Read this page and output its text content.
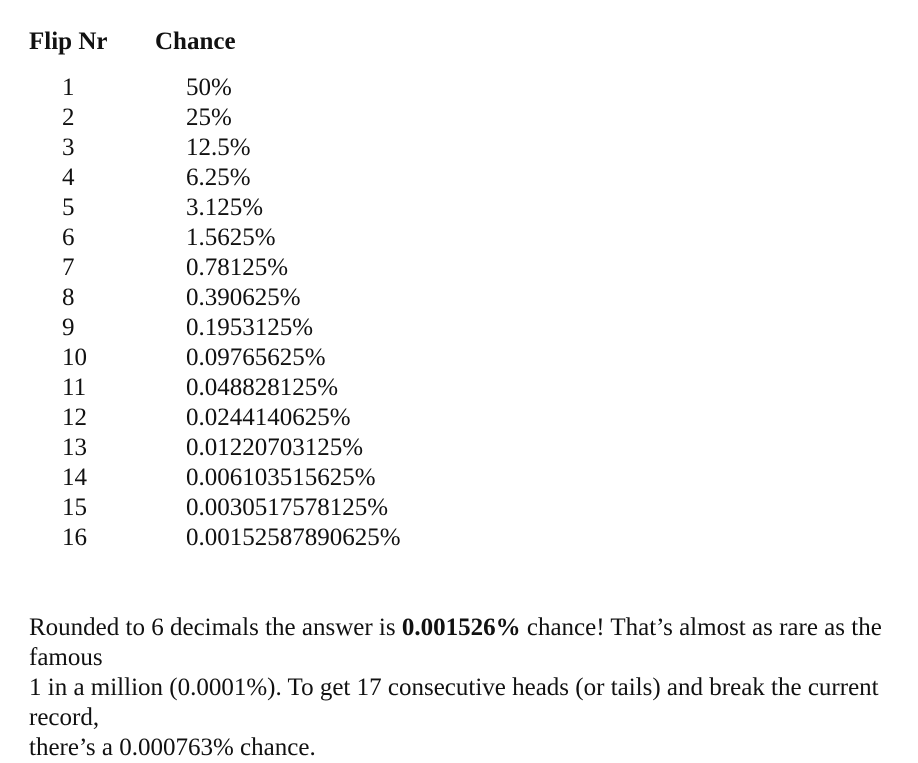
Flip Nr	Chance
1	50%
2	25%
3	12.5%
4	6.25%
5	3.125%
6	1.5625%
7	0.78125%
8	0.390625%
9	0.1953125%
10	0.09765625%
11	0.048828125%
12	0.0244140625%
13	0.01220703125%
14	0.006103515625%
15	0.0030517578125%
16	0.00152587890625%
Rounded to 6 decimals the answer is 0.001526% chance! That’s almost as rare as the famous
1 in a million (0.0001%). To get 17 consecutive heads (or tails) and break the current record,
there’s a 0.000763% chance.
